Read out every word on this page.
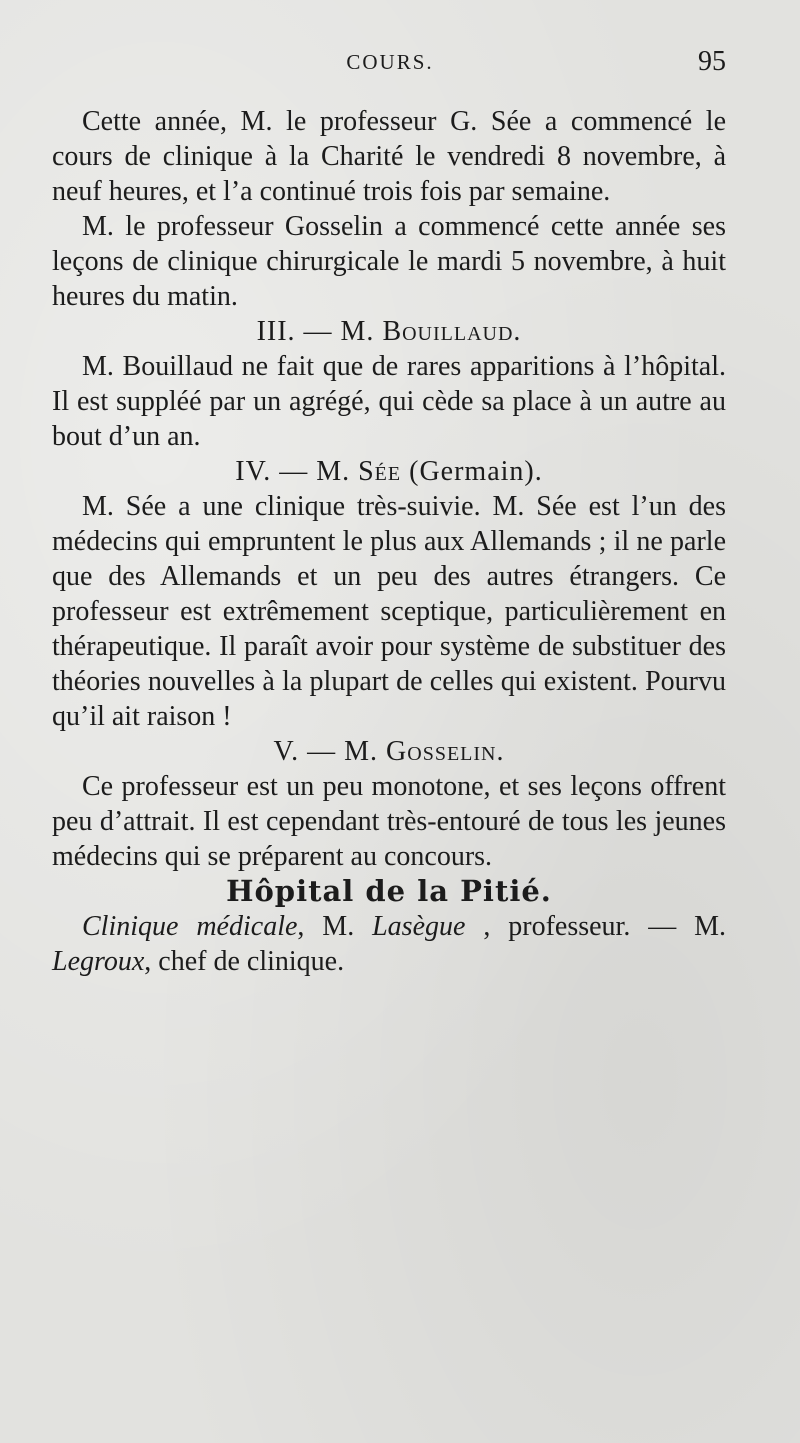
COURS.	95

Cette année, M. le professeur G. Sée a commencé le cours de clinique à la Charité le vendredi 8 novembre, à neuf heures, et l’a continué trois fois par semaine.

M. le professeur Gosselin a commencé cette année ses leçons de clinique chirurgicale le mardi 5 novembre, à huit heures du matin.

III. — M. Bouillaud.

M. Bouillaud ne fait que de rares apparitions à l’hôpital. Il est suppléé par un agrégé, qui cède sa place à un autre au bout d’un an.

IV. — M. Sée (Germain).

M. Sée a une clinique très-suivie. M. Sée est l’un des médecins qui empruntent le plus aux Allemands ; il ne parle que des Allemands et un peu des autres étrangers. Ce professeur est extrêmement sceptique, particulièrement en thérapeutique. Il paraît avoir pour système de substituer des théories nouvelles à la plupart de celles qui existent. Pourvu qu’il ait raison !

V. — M. Gosselin.

Ce professeur est un peu monotone, et ses leçons offrent peu d’attrait. Il est cependant très-entouré de tous les jeunes médecins qui se préparent au concours.

Hôpital de la Pitié.

Clinique médicale, M. Lasègue , professeur. — M. Legroux, chef de clinique.
